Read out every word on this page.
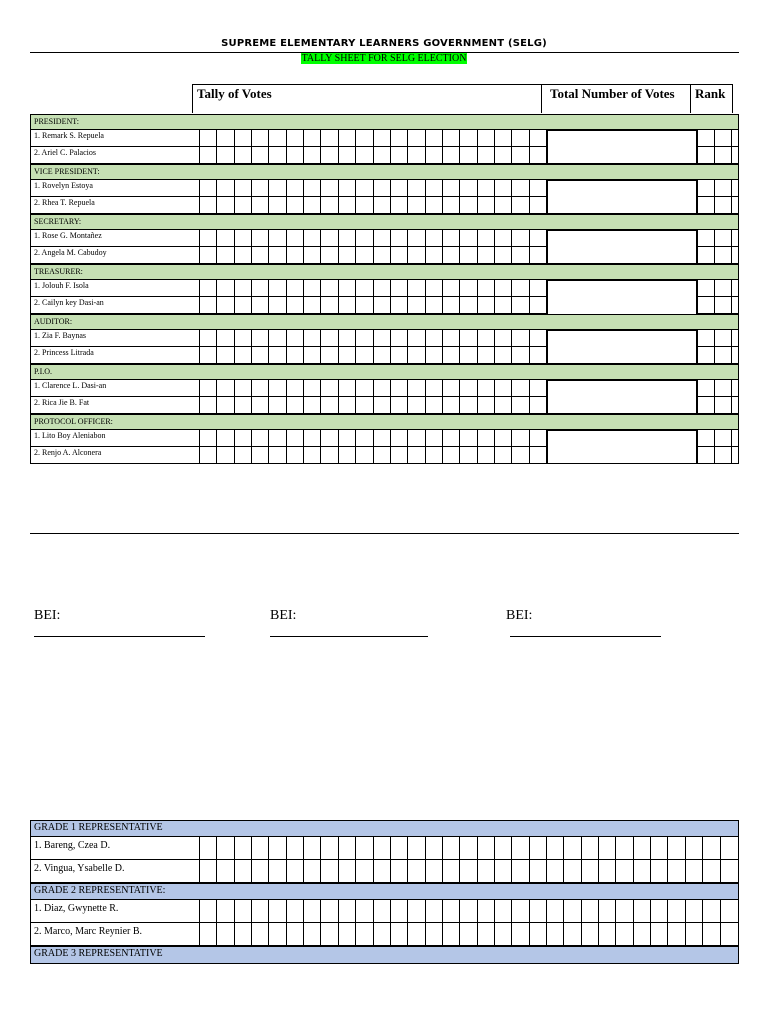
SUPREME ELEMENTARY LEARNERS GOVERNMENT (SELG)
TALLY SHEET FOR SELG ELECTION
Tally of Votes	Total Number of Votes	Rank
PRESIDENT:
1. Remark S. Repuela
2. Ariel C. Palacios
VICE PRESIDENT:
1. Rovelyn Estoya
2. Rhea T. Repuela
SECRETARY:
1. Rose G. Montañez
2. Angela M. Cabudoy
TREASURER:
1. Jolouh F. Isola
2. Cailyn key Dasi-an
AUDITOR:
1. Zia F. Baynas
2. Princess Litrada
P.I.O.
1. Clarence L. Dasi-an
2. Rica Jie B. Fat
PROTOCOL OFFICER:
1. Lito Boy Aleniabon
2. Renjo A. Alconera
BEI:	BEI:	BEI:
GRADE 1 REPRESENTATIVE
1. Bareng, Czea D.
2. Vingua, Ysabelle D.
GRADE 2 REPRESENTATIVE:
1. Diaz, Gwynette R.
2. Marco, Marc Reynier B.
GRADE 3 REPRESENTATIVE
